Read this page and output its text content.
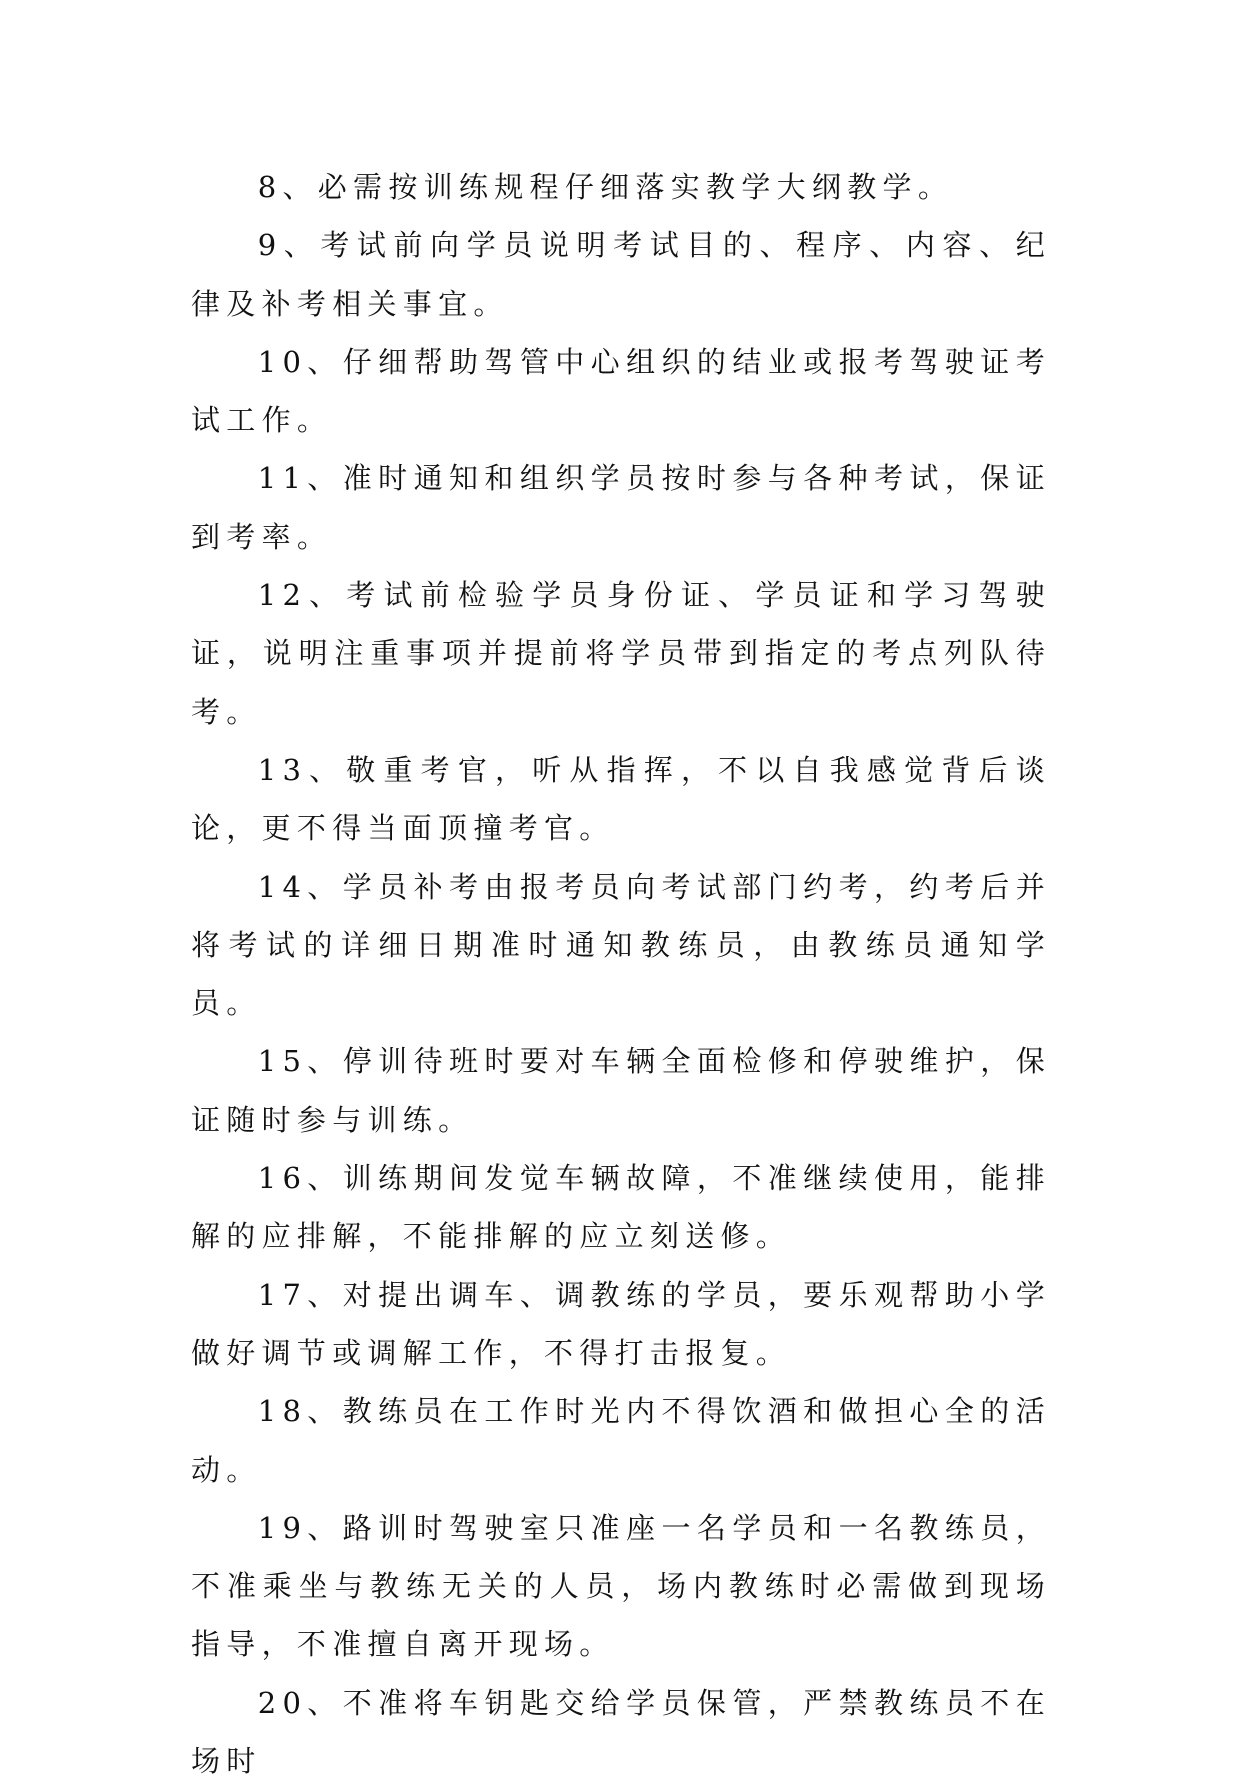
8、必需按训练规程仔细落实教学大纲教学。

9、考试前向学员说明考试目的、程序、内容、纪律及补考相关事宜。

10、仔细帮助驾管中心组织的结业或报考驾驶证考试工作。

11、准时通知和组织学员按时参与各种考试，保证到考率。

12、考试前检验学员身份证、学员证和学习驾驶证，说明注重事项并提前将学员带到指定的考点列队待考。

13、敬重考官，听从指挥，不以自我感觉背后谈论，更不得当面顶撞考官。

14、学员补考由报考员向考试部门约考，约考后并将考试的详细日期准时通知教练员，由教练员通知学员。

15、停训待班时要对车辆全面检修和停驶维护，保证随时参与训练。

16、训练期间发觉车辆故障，不准继续使用，能排解的应排解，不能排解的应立刻送修。

17、对提出调车、调教练的学员，要乐观帮助小学做好调节或调解工作，不得打击报复。

18、教练员在工作时光内不得饮酒和做担心全的活动。

19、路训时驾驶室只准座一名学员和一名教练员，不准乘坐与教练无关的人员，场内教练时必需做到现场指导，不准擅自离开现场。

20、不准将车钥匙交给学员保管，严禁教练员不在场时
